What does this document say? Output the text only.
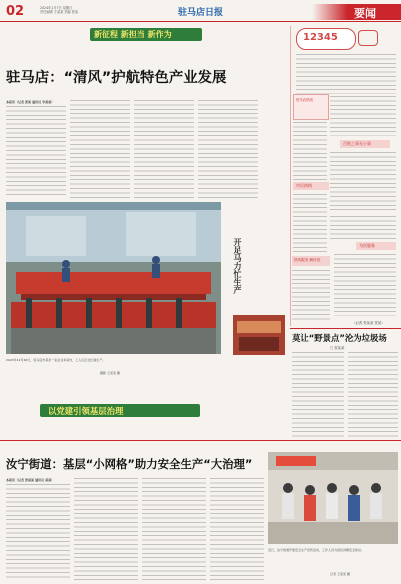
02	2024年1月7日 星期日
责任编辑 王某某 美编 张某	驻马店日报	要闻
新征程 新担当 新作为
驻马店：“清风”护航特色产业发展
本报讯（记者 张某 通讯员 李某某）
开足马力忙生产
2023年12月26日，驻马店市某县一家企业车间内，工人们正在忙碌生产。
摄影 王某某 摄
12345
驻马店热线
百姓之事无小事
市民热线
热线服务 解民忧
为民服务
（记者 张某某 张某）
莫让“野景点”沦为垃圾场
□ 张某某
以党建引领基层治理
汝宁街道：基层“小网格”助力安全生产“大治理”
本报讯（记者 张某某 通讯员 某某）
近日，汝宁街道开展安全生产宣传活动，工作人员为居民讲解安全知识。
记者 王某某 摄
